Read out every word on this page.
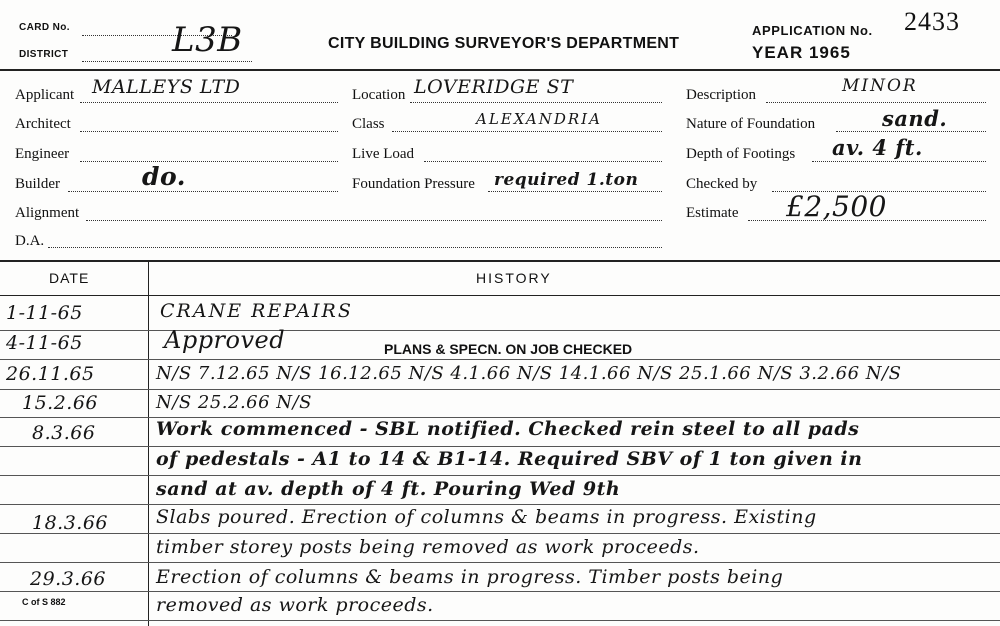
CARD No.
DISTRICT	L3B	CITY BUILDING SURVEYOR'S DEPARTMENT
APPLICATION No. 2433
YEAR 1965
Applicant MALLEYS LTD
Architect
Engineer
Builder	do.
Alignment
D.A.
Location LOVERIDGE ST
Class	ALEXANDRIA
Live Load
Foundation Pressure required 1.ton
Description	MINOR
Nature of Foundation	sand.
Depth of Footings av. 4 ft.
Checked by
Estimate £2,500
DATE	HISTORY
1-11-65	CRANE REPAIRS
4-11-65	Approved	PLANS & SPECN. ON JOB CHECKED
26.11.65	N/S 7.12.65 N/S 16.12.65 N/S 4.1.66 N/S 14.1.66 N/S 25.1.66 N/S 3.2.66 N/S
15.2.66	N/S 25.2.66 N/S
8.3.66	Work commenced - SBL notified. Checked rein steel to all pads
of pedestals - A1 to 14 & B1-14. Required SBV of 1 ton given in
sand at av. depth of 4 ft. Pouring Wed 9th
18.3.66	Slabs poured. Erection of columns & beams in progress. Existing
timber storey posts being removed as work proceeds.
29.3.66	Erection of columns & beams in progress. Timber posts being
removed as work proceeds.
C of S 882
